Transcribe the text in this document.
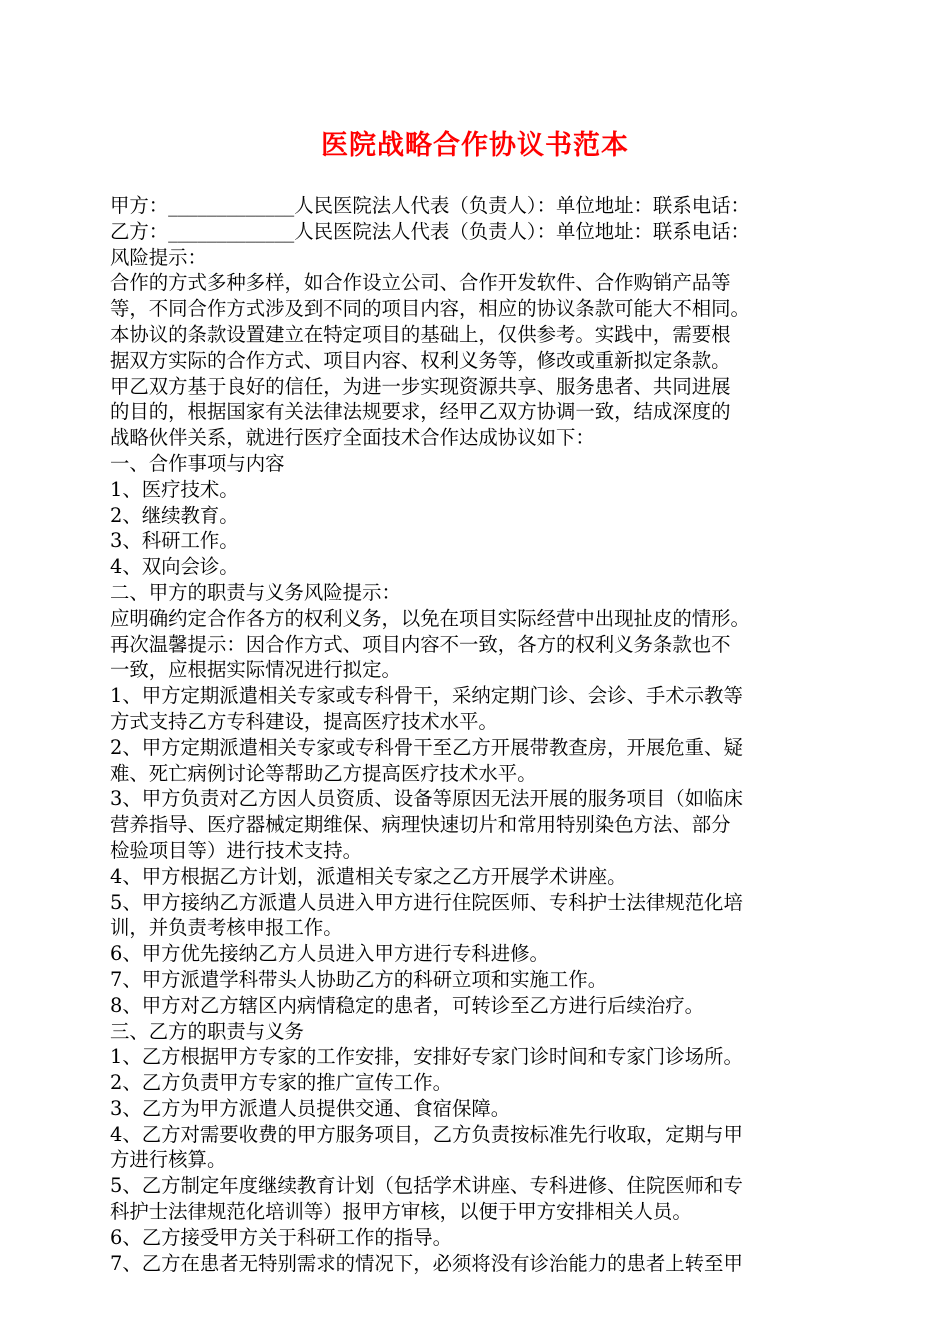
医院战略合作协议书范本
甲方：_____________人民医院法人代表（负责人）：单位地址：联系电话：
乙方：_____________人民医院法人代表（负责人）：单位地址：联系电话：
风险提示：
合作的方式多种多样，如合作设立公司、合作开发软件、合作购销产品等
等，不同合作方式涉及到不同的项目内容，相应的协议条款可能大不相同。
本协议的条款设置建立在特定项目的基础上，仅供参考。实践中，需要根
据双方实际的合作方式、项目内容、权利义务等，修改或重新拟定条款。
甲乙双方基于良好的信任，为进一步实现资源共享、服务患者、共同进展
的目的，根据国家有关法律法规要求，经甲乙双方协调一致，结成深度的
战略伙伴关系，就进行医疗全面技术合作达成协议如下：
一、合作事项与内容
1、医疗技术。
2、继续教育。
3、科研工作。
4、双向会诊。
二、甲方的职责与义务风险提示：
应明确约定合作各方的权利义务，以免在项目实际经营中出现扯皮的情形。
再次温馨提示：因合作方式、项目内容不一致，各方的权利义务条款也不
一致，应根据实际情况进行拟定。
1、甲方定期派遣相关专家或专科骨干，采纳定期门诊、会诊、手术示教等
方式支持乙方专科建设，提高医疗技术水平。
2、甲方定期派遣相关专家或专科骨干至乙方开展带教查房，开展危重、疑
难、死亡病例讨论等帮助乙方提高医疗技术水平。
3、甲方负责对乙方因人员资质、设备等原因无法开展的服务项目（如临床
营养指导、医疗器械定期维保、病理快速切片和常用特别染色方法、部分
检验项目等）进行技术支持。
4、甲方根据乙方计划，派遣相关专家之乙方开展学术讲座。
5、甲方接纳乙方派遣人员进入甲方进行住院医师、专科护士法律规范化培
训，并负责考核申报工作。
6、甲方优先接纳乙方人员进入甲方进行专科进修。
7、甲方派遣学科带头人协助乙方的科研立项和实施工作。
8、甲方对乙方辖区内病情稳定的患者，可转诊至乙方进行后续治疗。
三、乙方的职责与义务
1、乙方根据甲方专家的工作安排，安排好专家门诊时间和专家门诊场所。
2、乙方负责甲方专家的推广宣传工作。
3、乙方为甲方派遣人员提供交通、食宿保障。
4、乙方对需要收费的甲方服务项目，乙方负责按标准先行收取，定期与甲
方进行核算。
5、乙方制定年度继续教育计划（包括学术讲座、专科进修、住院医师和专
科护士法律规范化培训等）报甲方审核，以便于甲方安排相关人员。
6、乙方接受甲方关于科研工作的指导。
7、乙方在患者无特别需求的情况下，必须将没有诊治能力的患者上转至甲
